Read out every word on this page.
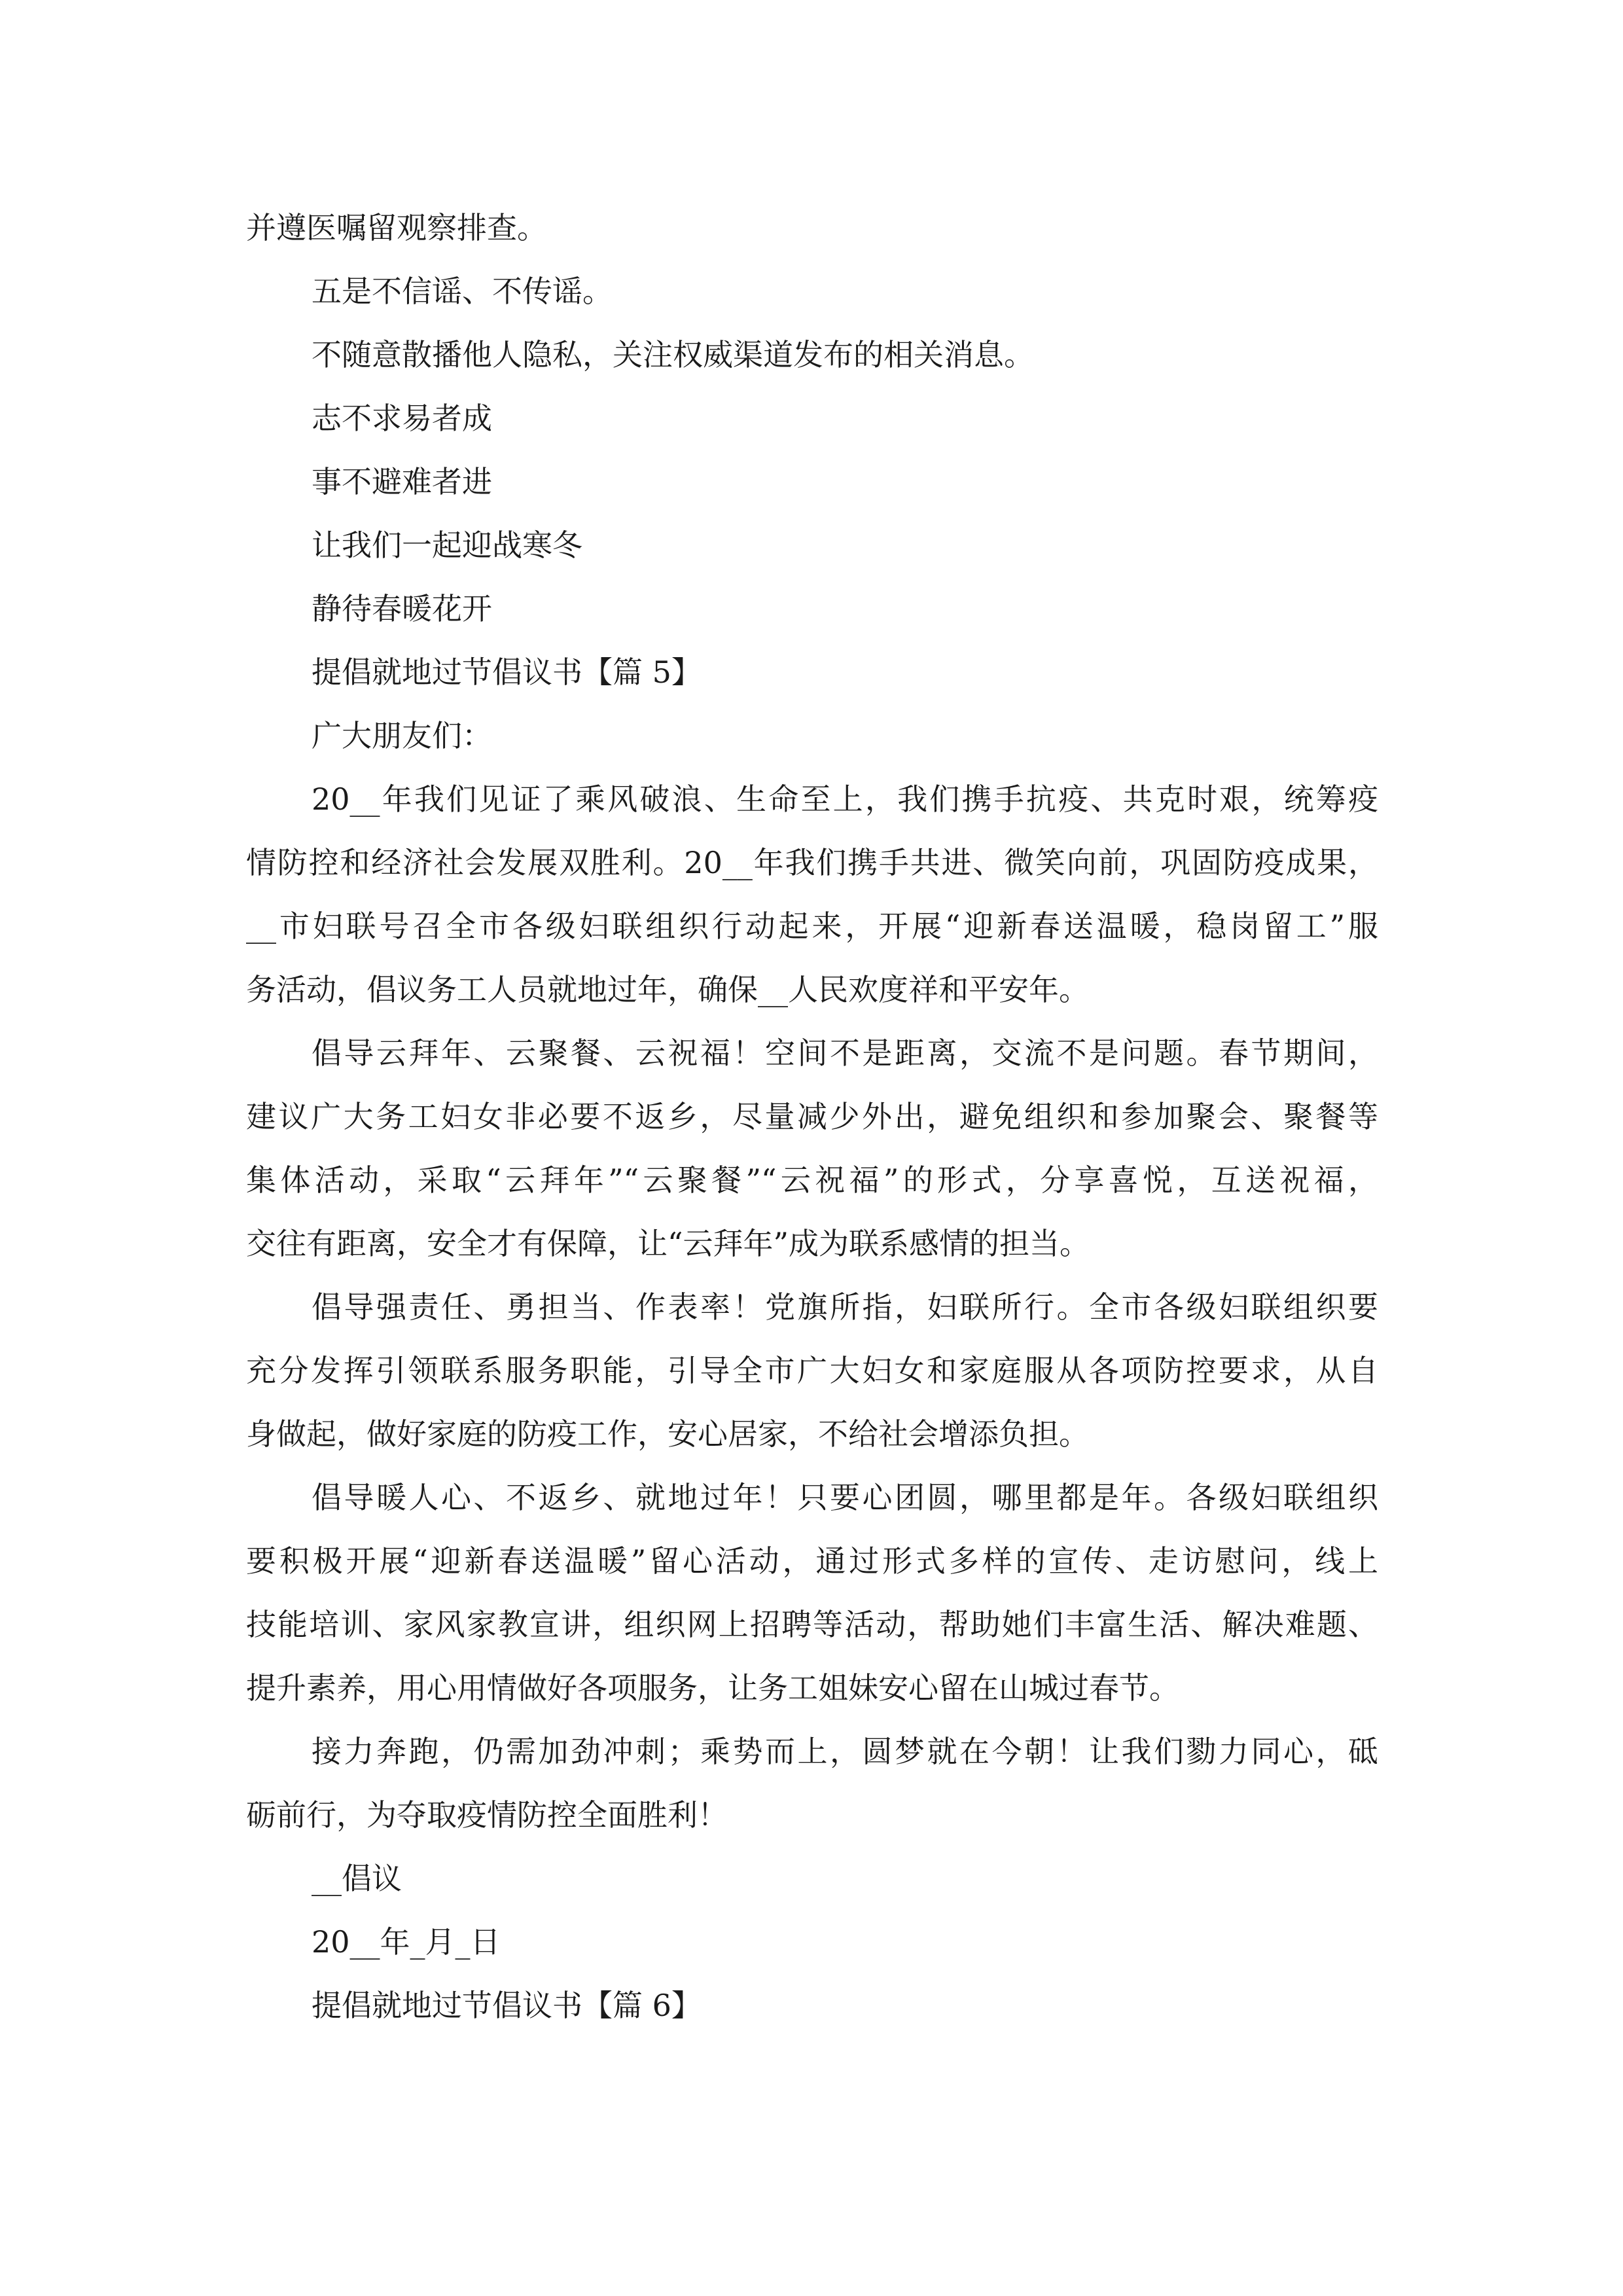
并遵医嘱留观察排查。
五是不信谣、不传谣。
不随意散播他人隐私，关注权威渠道发布的相关消息。
志不求易者成
事不避难者进
让我们一起迎战寒冬
静待春暖花开
提倡就地过节倡议书【篇 5】
广大朋友们：
20__年我们见证了乘风破浪、生命至上，我们携手抗疫、共克时艰，统筹疫
情防控和经济社会发展双胜利。20__年我们携手共进、微笑向前，巩固防疫成果，
__市妇联号召全市各级妇联组织行动起来，开展“迎新春送温暖，稳岗留工”服
务活动，倡议务工人员就地过年，确保__人民欢度祥和平安年。
倡导云拜年、云聚餐、云祝福！空间不是距离，交流不是问题。春节期间，
建议广大务工妇女非必要不返乡，尽量减少外出，避免组织和参加聚会、聚餐等
集体活动，采取“云拜年”“云聚餐”“云祝福”的形式，分享喜悦，互送祝福，
交往有距离，安全才有保障，让“云拜年”成为联系感情的担当。
倡导强责任、勇担当、作表率！党旗所指，妇联所行。全市各级妇联组织要
充分发挥引领联系服务职能，引导全市广大妇女和家庭服从各项防控要求，从自
身做起，做好家庭的防疫工作，安心居家，不给社会增添负担。
倡导暖人心、不返乡、就地过年！只要心团圆，哪里都是年。各级妇联组织
要积极开展“迎新春送温暖”留心活动，通过形式多样的宣传、走访慰问，线上
技能培训、家风家教宣讲，组织网上招聘等活动，帮助她们丰富生活、解决难题、
提升素养，用心用情做好各项服务，让务工姐妹安心留在山城过春节。
接力奔跑，仍需加劲冲刺；乘势而上，圆梦就在今朝！让我们勠力同心，砥
砺前行，为夺取疫情防控全面胜利！
__倡议
20__年_月_日
提倡就地过节倡议书【篇 6】
